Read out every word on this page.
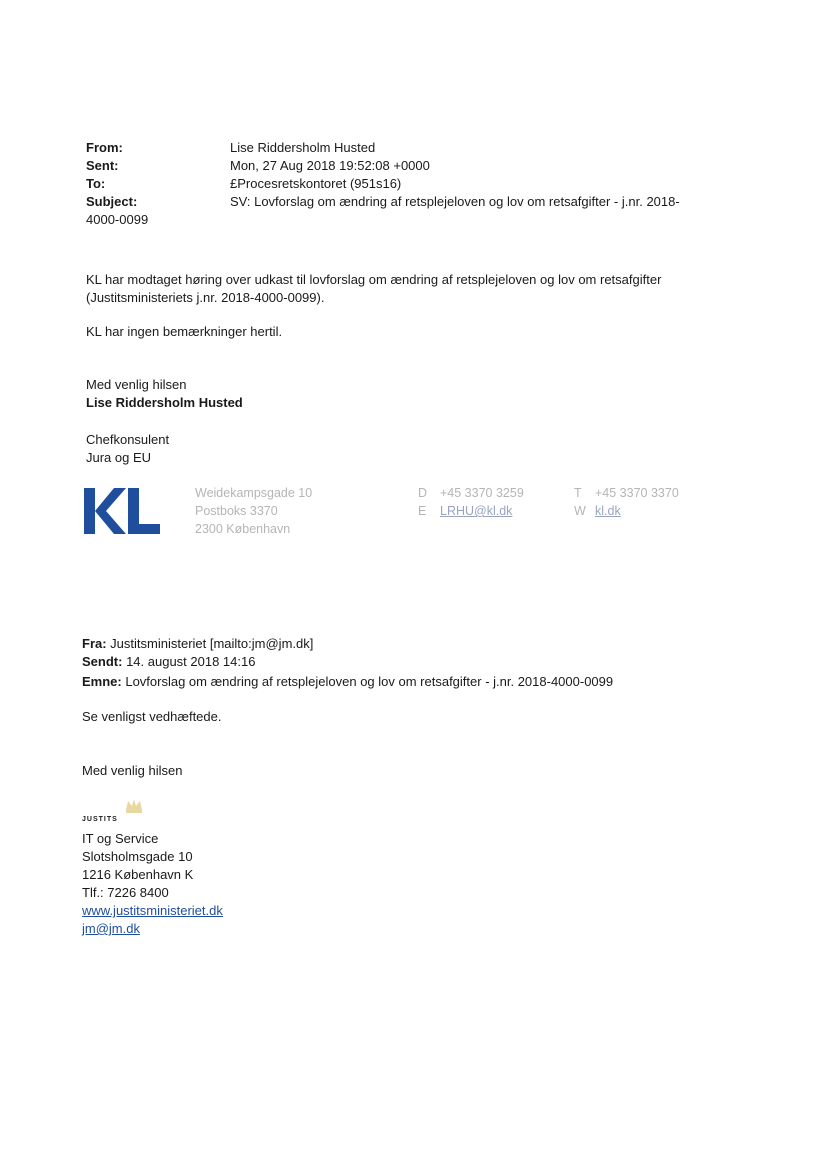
From:	Lise Riddersholm Husted
Sent:	Mon, 27 Aug 2018 19:52:08 +0000
To:	£Procesretskontoret (951s16)
Subject:	SV: Lovforslag om ændring af retsplejeloven og lov om retsafgifter - j.nr. 2018-
4000-0099
KL har modtaget høring over udkast til lovforslag om ændring af retsplejeloven og lov om retsafgifter
(Justitsministeriets j.nr. 2018-4000-0099).
KL har ingen bemærkninger hertil.
Med venlig hilsen
Lise Riddersholm Husted
Chefkonsulent
Jura og EU
Weidekampsgade 10
Postboks 3370
2300 København
D +45 3370 3259
E LRHU@kl.dk
T +45 3370 3370
W kl.dk
Fra: Justitsministeriet [mailto:jm@jm.dk]
Sendt: 14. august 2018 14:16
Emne: Lovforslag om ændring af retsplejeloven og lov om retsafgifter - j.nr. 2018-4000-0099
Se venligst vedhæftede.
Med venlig hilsen
JUSTITS
IT og Service
Slotsholmsgade 10
1216 København K
Tlf.: 7226 8400
www.justitsministeriet.dk
jm@jm.dk
